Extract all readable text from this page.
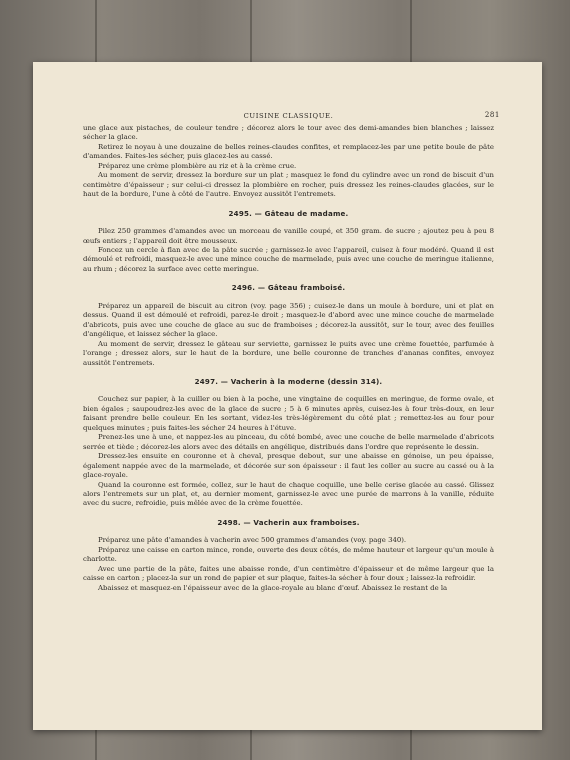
CUISINE CLASSIQUE.	281

une glace aux pistaches, de couleur tendre ; décorez alors le tour avec des demi-amandes bien blanches ; laissez sécher la glace.

Retirez le noyau à une douzaine de belles reines-claudes confites, et remplacez-les par une petite boule de pâte d'amandes. Faites-les sécher, puis glacez-les au cassé.

Préparez une crème plombière au riz et à la crème crue.

Au moment de servir, dressez la bordure sur un plat ; masquez le fond du cylindre avec un rond de biscuit d'un centimètre d'épaisseur ; sur celui-ci dressez la plombière en rocher, puis dressez les reines-claudes glacées, sur le haut de la bordure, l'une à côté de l'autre. Envoyez aussitôt l'entremets.

2495. — Gâteau de madame.

Pilez 250 grammes d'amandes avec un morceau de vanille coupé, et 350 gram. de sucre ; ajoutez peu à peu 8 œufs entiers ; l'appareil doit être mousseux.

Foncez un cercle à flan avec de la pâte sucrée ; garnissez-le avec l'appareil, cuisez à four modéré. Quand il est démoulé et refroidi, masquez-le avec une mince couche de marmelade, puis avec une couche de meringue italienne, au rhum ; décorez la surface avec cette meringue.

2496. — Gâteau framboisé.

Préparez un appareil de biscuit au citron (voy. page 356) ; cuisez-le dans un moule à bordure, uni et plat en dessus. Quand il est démoulé et refroidi, parez-le droit ; masquez-le d'abord avec une mince couche de marmelade d'abricots, puis avec une couche de glace au suc de framboises ; décorez-la aussitôt, sur le tour, avec des feuilles d'angélique, et laissez sécher la glace.

Au moment de servir, dressez le gâteau sur serviette, garnissez le puits avec une crème fouettée, parfumée à l'orange ; dressez alors, sur le haut de la bordure, une belle couronne de tranches d'ananas confites, envoyez aussitôt l'entremets.

2497. — Vacherin à la moderne (dessin 314).

Couchez sur papier, à la cuiller ou bien à la poche, une vingtaine de coquilles en meringue, de forme ovale, et bien égales ; saupoudrez-les avec de la glace de sucre ; 5 à 6 minutes après, cuisez-les à four très-doux, en leur faisant prendre belle couleur. En les sortant, videz-les très-légèrement du côté plat ; remettez-les au four pour quelques minutes ; puis faites-les sécher 24 heures à l'étuve.

Prenez-les une à une, et nappez-les au pinceau, du côté bombé, avec une couche de belle marmelade d'abricots serrée et tiède ; décorez-les alors avec des détails en angélique, distribués dans l'ordre que représente le dessin.

Dressez-les ensuite en couronne et à cheval, presque debout, sur une abaisse en génoise, un peu épaisse, également nappée avec de la marmelade, et décorée sur son épaisseur : il faut les coller au sucre au cassé ou à la glace-royale.

Quand la couronne est formée, collez, sur le haut de chaque coquille, une belle cerise glacée au cassé. Glissez alors l'entremets sur un plat, et, au dernier moment, garnissez-le avec une purée de marrons à la vanille, réduite avec du sucre, refroidie, puis mêlée avec de la crème fouettée.

2498. — Vacherin aux framboises.

Préparez une pâte d'amandes à vacherin avec 500 grammes d'amandes (voy. page 340).

Préparez une caisse en carton mince, ronde, ouverte des deux côtés, de même hauteur et largeur qu'un moule à charlotte.

Avec une partie de la pâte, faites une abaisse ronde, d'un centimètre d'épaisseur et de même largeur que la caisse en carton ; placez-la sur un rond de papier et sur plaque, faites-la sécher à four doux ; laissez-la refroidir.

Abaissez et masquez-en l'épaisseur avec de la glace-royale au blanc d'œuf. Abaissez le restant de la
